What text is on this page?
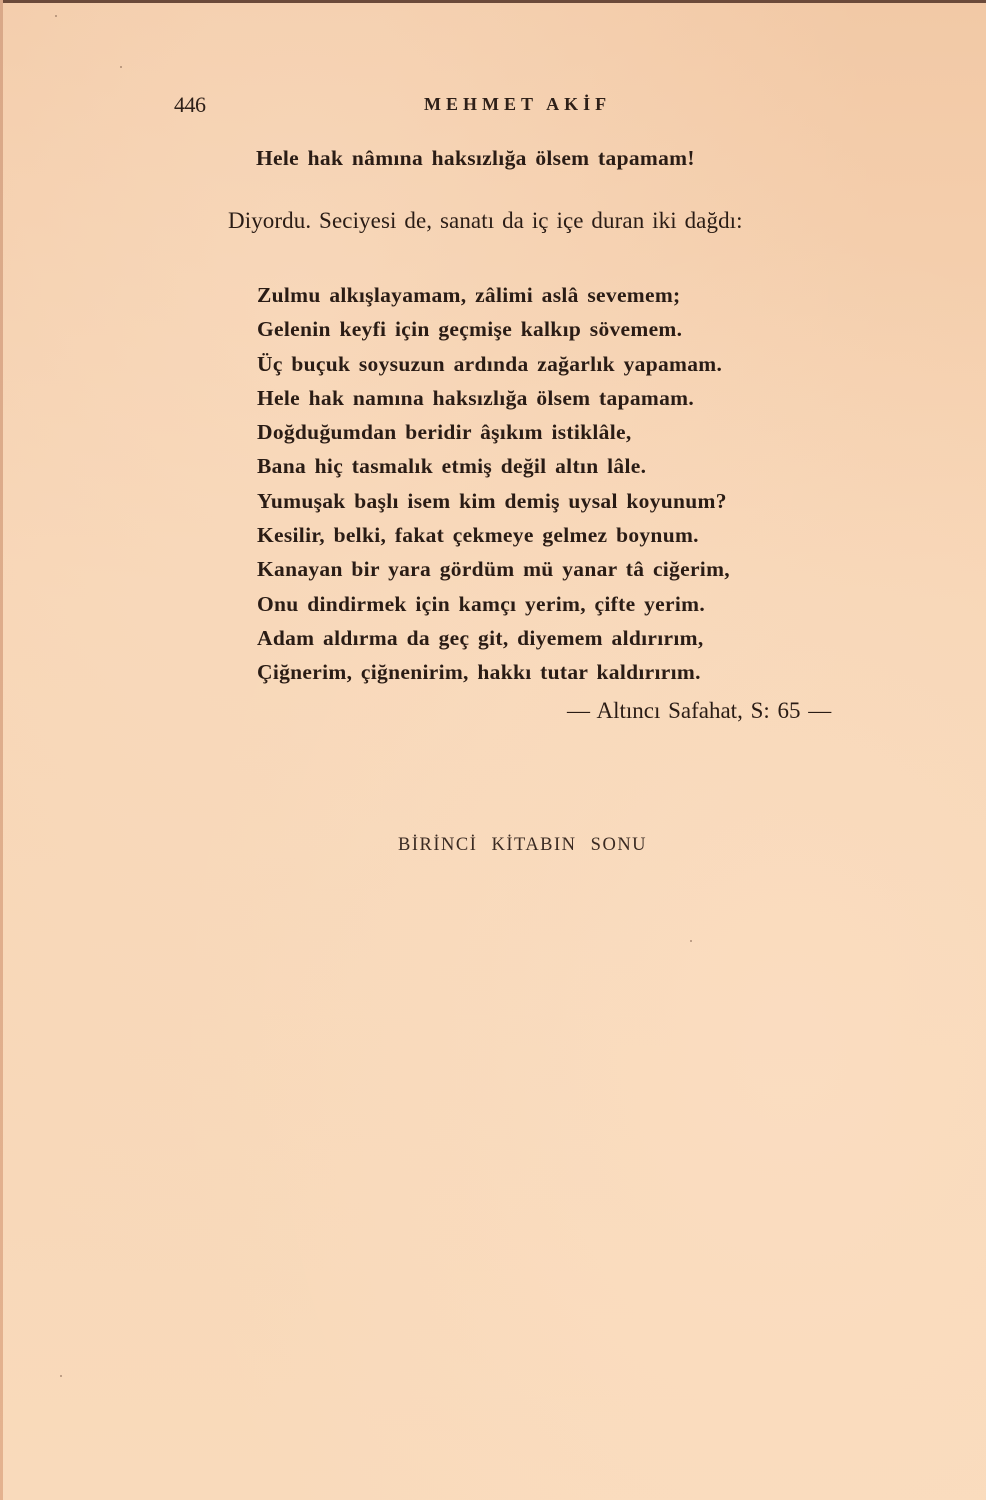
446	MEHMET AKİF
Hele hak nâmına haksızlığa ölsem tapamam!
Diyordu. Seciyesi de, sanatı da iç içe duran iki dağdı:
Zulmu alkışlayamam, zâlimi aslâ sevemem;
Gelenin keyfi için geçmişe kalkıp sövemem.
Üç buçuk soysuzun ardında zağarlık yapamam.
Hele hak namına haksızlığa ölsem tapamam.
Doğduğumdan beridir âşıkım istiklâle,
Bana hiç tasmalık etmiş değil altın lâle.
Yumuşak başlı isem kim demiş uysal koyunum?
Kesilir, belki, fakat çekmeye gelmez boynum.
Kanayan bir yara gördüm mü yanar tâ ciğerim,
Onu dindirmek için kamçı yerim, çifte yerim.
Adam aldırma da geç git, diyemem aldırırım,
Çiğnerim, çiğnenirim, hakkı tutar kaldırırım.
— Altıncı Safahat, S: 65 —
BİRİNCİ KİTABIN SONU
